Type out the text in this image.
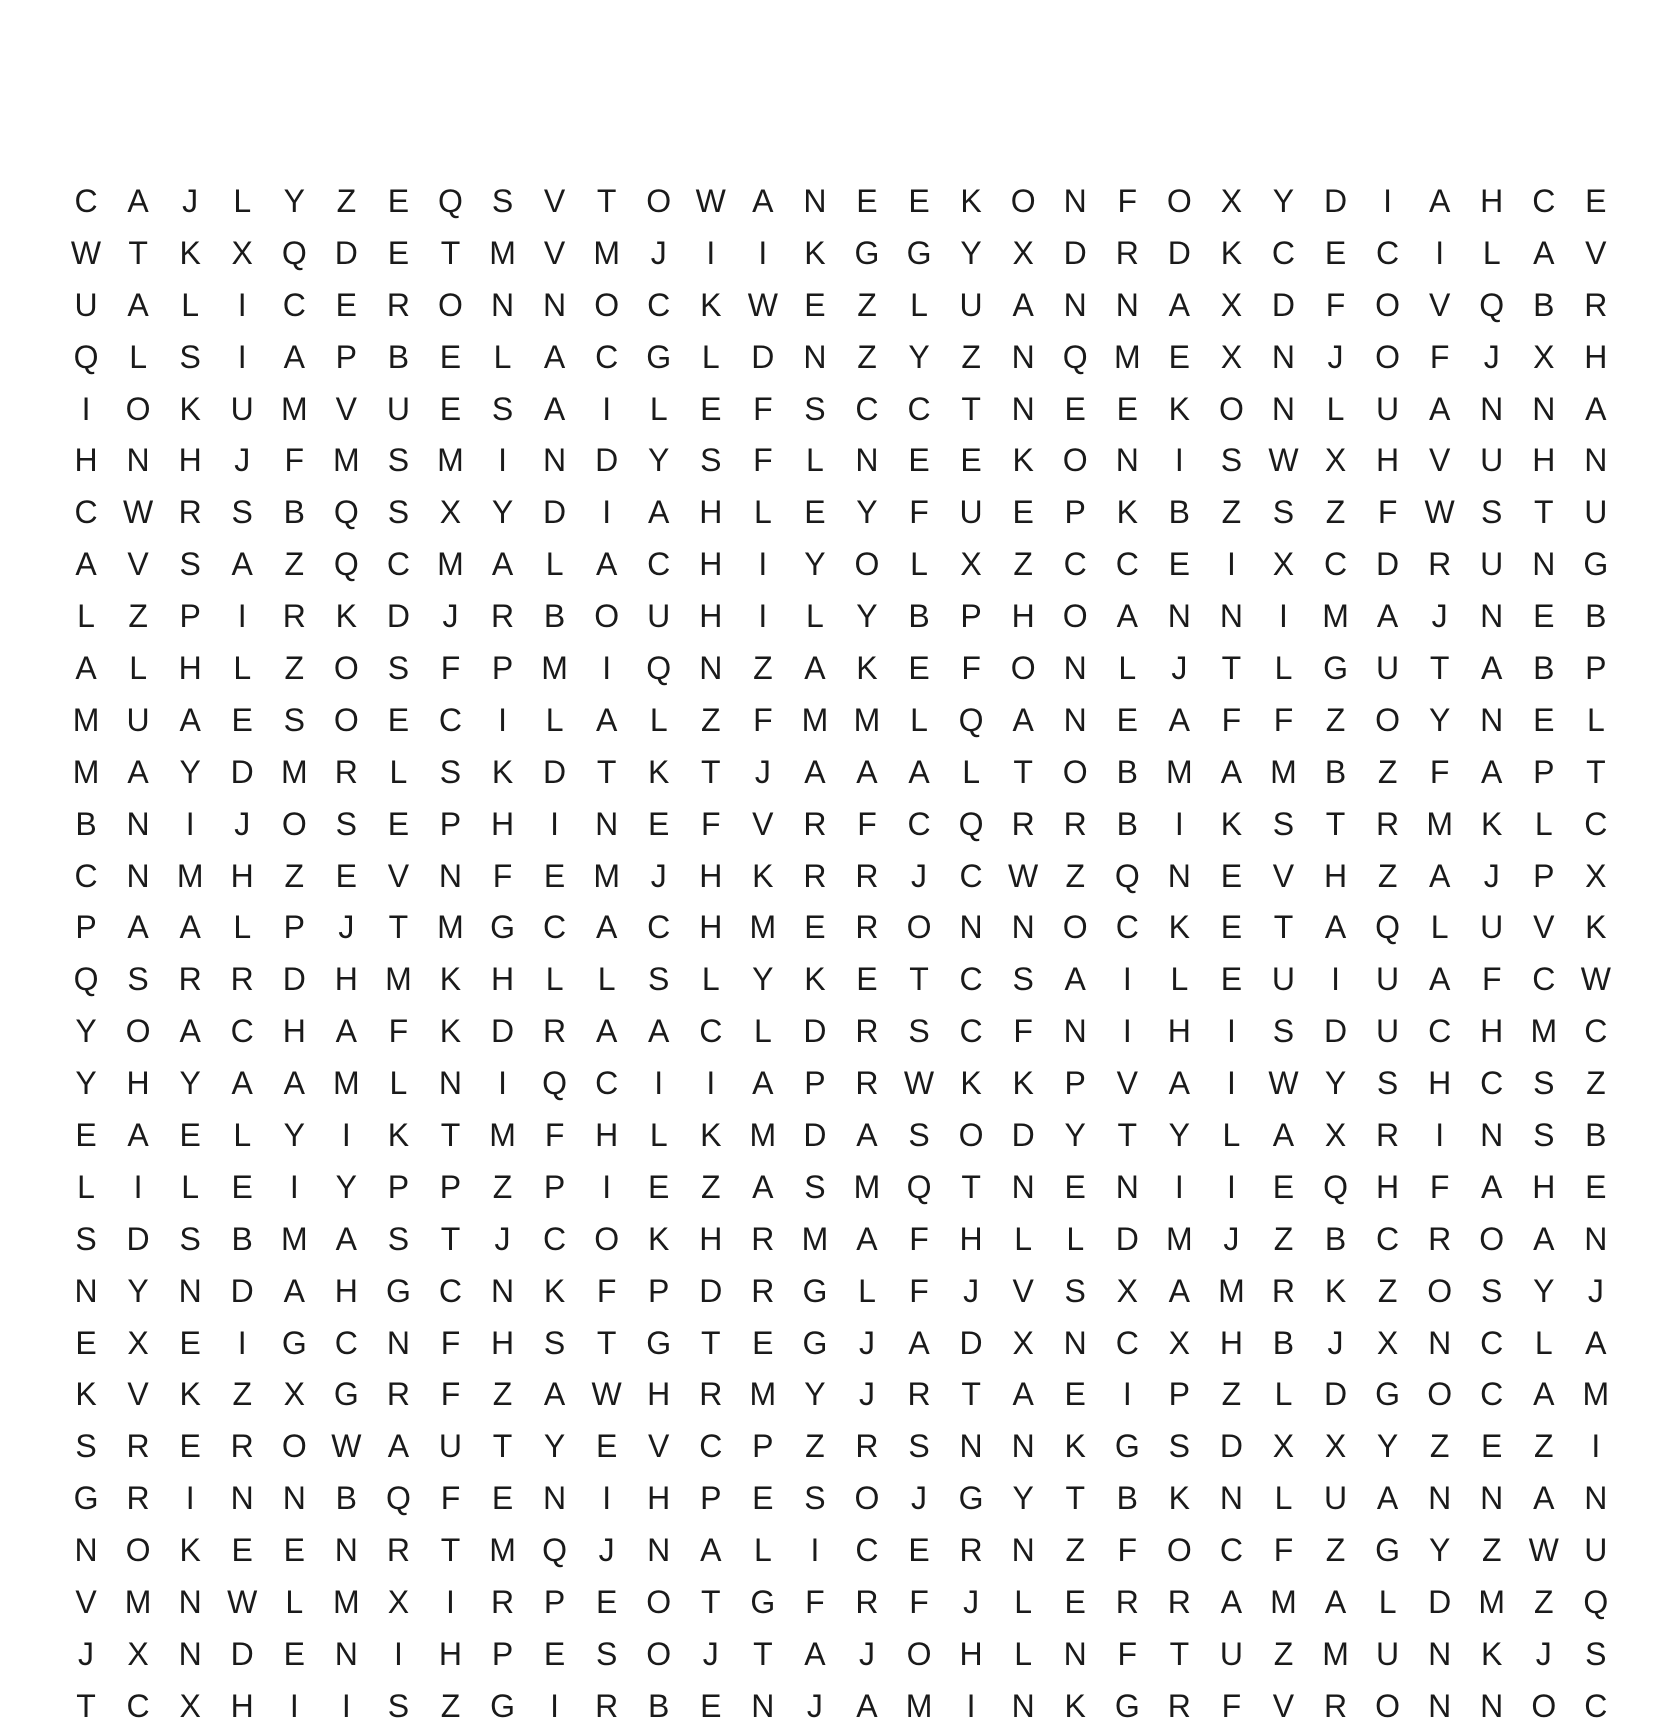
C A	J	L	Y Z E Q S V T O W A N E E K O N F O X Y D	I	A H C E
W T K X Q D E T M V M J	I	I	K G G Y X D R D K C E C	I	L	A V
U A	L	I	C E R O N N O C K W E Z	L U A N N A X D F O V Q B R
Q L	S	I	A P B E	L	A C G L D N Z Y Z N Q M E X N	J O F	J	X H
I	O K U M V U E S A	I	L	E F S C C T N E E K O N L U A N N A
H N H	J	F M S M	I	N D Y S F	L N E E K O N	I	S W X H V U H N
C W R S B Q S X Y D	I	A H L	E Y F U E P K B Z S Z	F W S T U
A V S A Z Q C M A	L	A C H	I	Y O L	X Z C C E	I	X C D R U N G
L	Z P	I	R K D	J	R B O U H	I	L	Y B P H O A N N	I	M A	J	N E B
A	L H L	Z O S F P M	I	Q N Z A K E F O N L	J	T	L G U T A B P
M U A E S O E C	I	L	A	L	Z	F M M L Q A N E A F	F	Z O Y N E	L
M A Y D M R L	S K D T K T	J	A A A	L	T O B M A M B Z	F A P T
B N	I	J O S E P H	I	N E F V R F C Q R R B	I	K S T R M K	L C
C N M H Z E V N F E M J	H K R R	J	C W Z Q N E V H Z A	J	P X
P A A	L	P	J	T M G C A C H M E R O N N O C K E T A Q L U V K
Q S R R D H M K H L	L	S	L	Y K E T C S A	I	L	E U	I	U A F C W
Y O A C H A F K D R A A C L D R S C F N	I	H	I	S D U C H M C
Y H Y A A M L N	I	Q C	I	I	A P R W K K P V A	I	W Y S H C S Z
E A E	L	Y	I	K T M F H L	K M D A S O D Y T Y	L	A X R	I	N S B
L	I	L	E	I	Y P P Z P	I	E Z A S M Q T N E N	I	I	E Q H F A H E
S D S B M A S T	J	C O K H R M A F H L	L D M J	Z B C R O A N
N Y N D A H G C N K F P D R G L	F	J	V S X A M R K Z O S Y	J
E X E	I	G C N F H S T G T E G J	A D X N C X H B	J	X N C L	A
K V K Z X G R F	Z A W H R M Y	J	R T A E	I	P Z	L D G O C A M
S R E R O W A U T Y E V C P Z R S N N K G S D X X Y Z E Z	I
G R	I	N N B Q F E N	I	H P E S O J G Y T B K N L U A N N A N
N O K E E N R T M Q J	N A	L	I	C E R N Z	F O C F	Z G Y Z W U
V M N W L M X	I	R P E O T G F R F	J	L	E R R A M A	L D M Z Q
J	X N D E N	I	H P E S O J	T A	J O H L N F	T U Z M U N K	J	S
T C X H	I	I	S Z G	I	R B E N	J	A M	I	N K G R F V R O N N O C
